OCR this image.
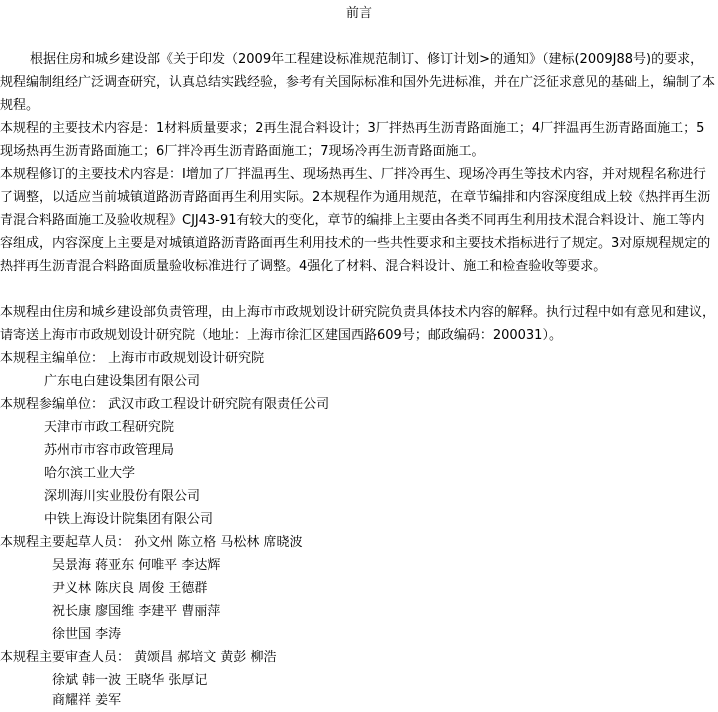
前言

根据住房和城乡建设部《关于印发（2009年工程建设标准规范制订、修订计划>的通知》（建标(2009J88号)的要求，规程编制组经广泛调查研究，认真总结实践经验，参考有关国际标准和国外先进标准，并在广泛征求意见的基础上，编制了本规程。

本规程的主要技术内容是：1材料质量要求；2再生混合料设计；3厂拌热再生沥青路面施工；4厂拌温再生沥青路面施工；5现场热再生沥青路面施工；6厂拌冷再生沥青路面施工；7现场冷再生沥青路面施工。

本规程修订的主要技术内容是：I增加了厂拌温再生、现场热再生、厂拌冷再生、现场冷再生等技术内容，并对规程名称进行了调整，以适应当前城镇道路沥青路面再生利用实际。2本规程作为通用规范，在章节编排和内容深度组成上较《热拌再生沥青混合料路面施工及验收规程》CJJ43-91有较大的变化，章节的编排上主要由各类不同再生利用技术混合料设计、施工等内容组成，内容深度上主要是对城镇道路沥青路面再生利用技术的一些共性要求和主要技术指标进行了规定。3对原规程规定的热拌再生沥青混合料路面质量验收标准进行了调整。4强化了材料、混合料设计、施工和检查验收等要求。

本规程由住房和城乡建设部负责管理，由上海市市政规划设计研究院负责具体技术内容的解释。执行过程中如有意见和建议，请寄送上海市市政规划设计研究院（地址：上海市徐汇区建国西路609号；邮政编码：200031）。

本规程主编单位： 上海市市政规划设计研究院
广东电白建设集团有限公司
本规程参编单位： 武汉市政工程设计研究院有限责任公司
天津市市政工程研究院
苏州市市容市政管理局
哈尔滨工业大学
深圳海川实业股份有限公司
中铁上海设计院集团有限公司
本规程主要起草人员： 孙文州 陈立格 马松林 席晓波
吴景海 蒋亚东 何唯平 李达辉
尹义林 陈庆良 周俊 王德群
祝长康 廖国维 李建平 曹丽萍
徐世国 李涛
本规程主要审查人员： 黄颂昌 郝培文 黄彭 柳浩
徐斌 韩一波 王晓华 张厚记
商耀祥 姜军
